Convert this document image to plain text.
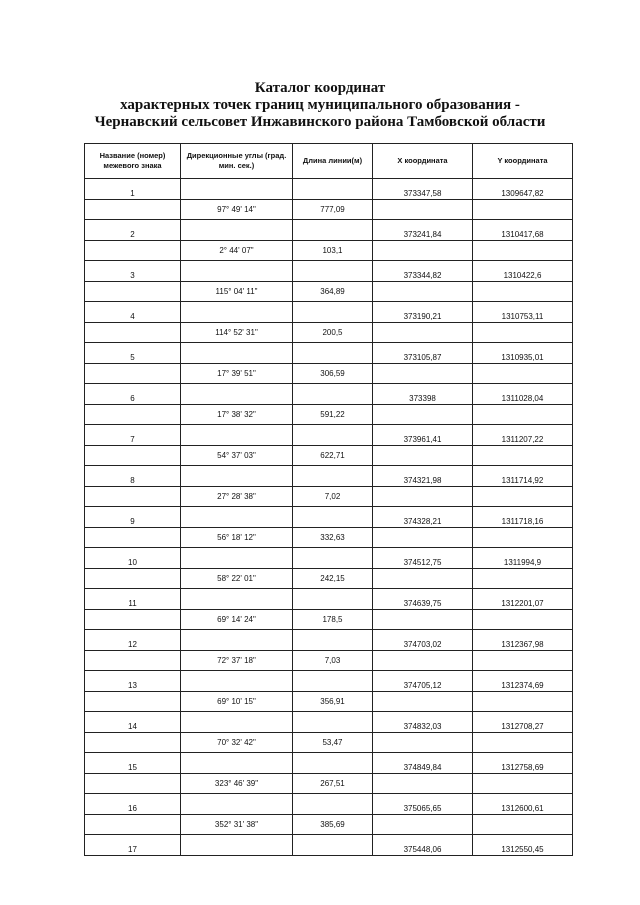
Каталог координат
характерных точек границ муниципального образования -
Чернавский сельсовет Инжавинского района Тамбовской области
Название (номер) межевого знака	Дирекционные углы (град. мин. сек.)	Длина линии(м)	X координата	Y координата
1			373347,58	1309647,82
	97° 49' 14"	777,09		
2			373241,84	1310417,68
	2° 44' 07"	103,1		
3			373344,82	1310422,6
	115° 04' 11"	364,89		
4			373190,21	1310753,11
	114° 52' 31"	200,5		
5			373105,87	1310935,01
	17° 39' 51"	306,59		
6			373398	1311028,04
	17° 38' 32"	591,22		
7			373961,41	1311207,22
	54° 37' 03"	622,71		
8			374321,98	1311714,92
	27° 28' 38"	7,02		
9			374328,21	1311718,16
	56° 18' 12"	332,63		
10			374512,75	1311994,9
	58° 22' 01"	242,15		
11			374639,75	1312201,07
	69° 14' 24"	178,5		
12			374703,02	1312367,98
	72° 37' 18"	7,03		
13			374705,12	1312374,69
	69° 10' 15"	356,91		
14			374832,03	1312708,27
	70° 32' 42"	53,47		
15			374849,84	1312758,69
	323° 46' 39"	267,51		
16			375065,65	1312600,61
	352° 31' 38"	385,69		
17			375448,06	1312550,45
